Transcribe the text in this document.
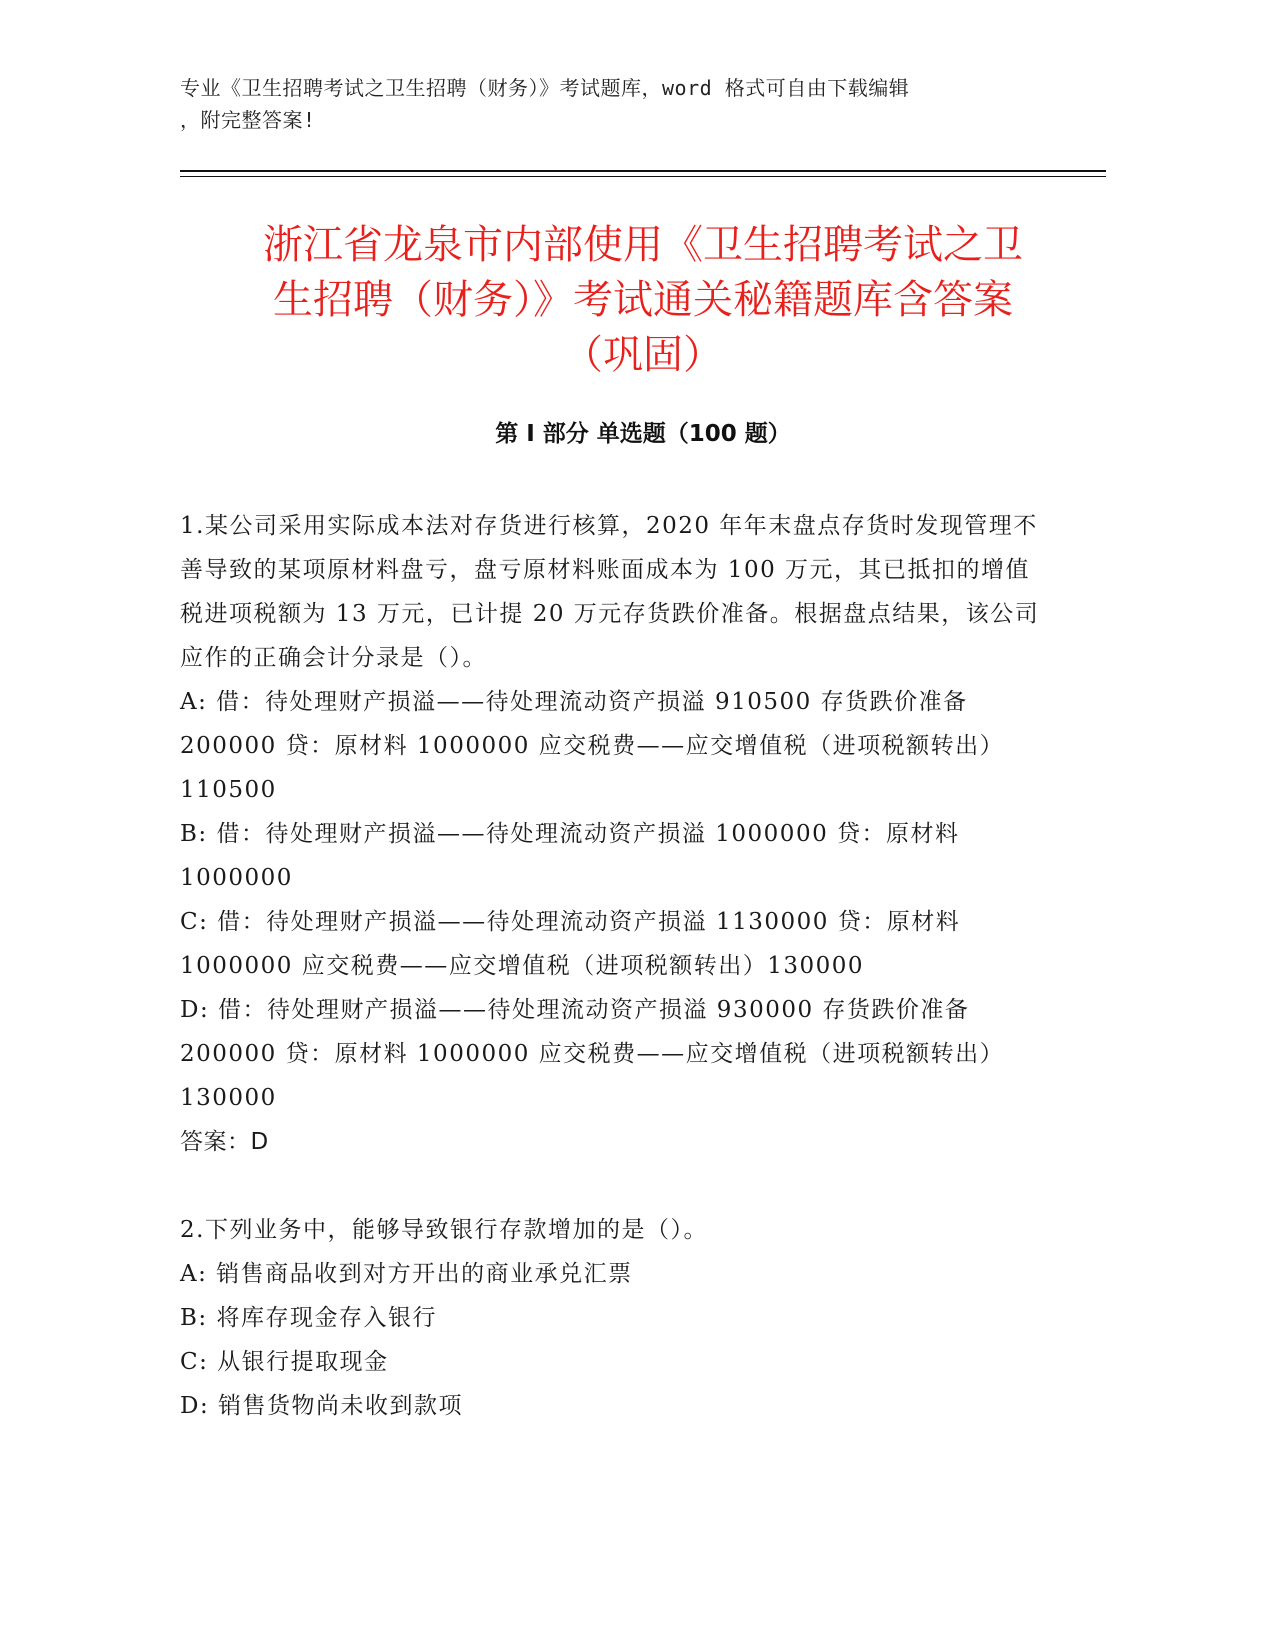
专业《卫生招聘考试之卫生招聘（财务）》考试题库，word 格式可自由下载编辑
，附完整答案!
浙江省龙泉市内部使用《卫生招聘考试之卫
生招聘（财务）》考试通关秘籍题库含答案
（巩固）
第 I 部分 单选题（100 题）

1.某公司采用实际成本法对存货进行核算，2020 年年末盘点存货时发现管理不善导致的某项原材料盘亏，盘亏原材料账面成本为 100 万元，其已抵扣的增值税进项税额为 13 万元，已计提 20 万元存货跌价准备。根据盘点结果，该公司应作的正确会计分录是（）。

A: 借：待处理财产损溢——待处理流动资产损溢 910500 存货跌价准备 200000 贷：原材料 1000000 应交税费——应交增值税（进项税额转出）110500

B: 借：待处理财产损溢——待处理流动资产损溢 1000000 贷：原材料 1000000

C: 借：待处理财产损溢——待处理流动资产损溢 1130000 贷：原材料 1000000 应交税费——应交增值税（进项税额转出）130000

D: 借：待处理财产损溢——待处理流动资产损溢 930000 存货跌价准备 200000 贷：原材料 1000000 应交税费——应交增值税（进项税额转出）130000

答案：D

2.下列业务中，能够导致银行存款增加的是（）。

A: 销售商品收到对方开出的商业承兑汇票

B: 将库存现金存入银行

C: 从银行提取现金

D: 销售货物尚未收到款项
